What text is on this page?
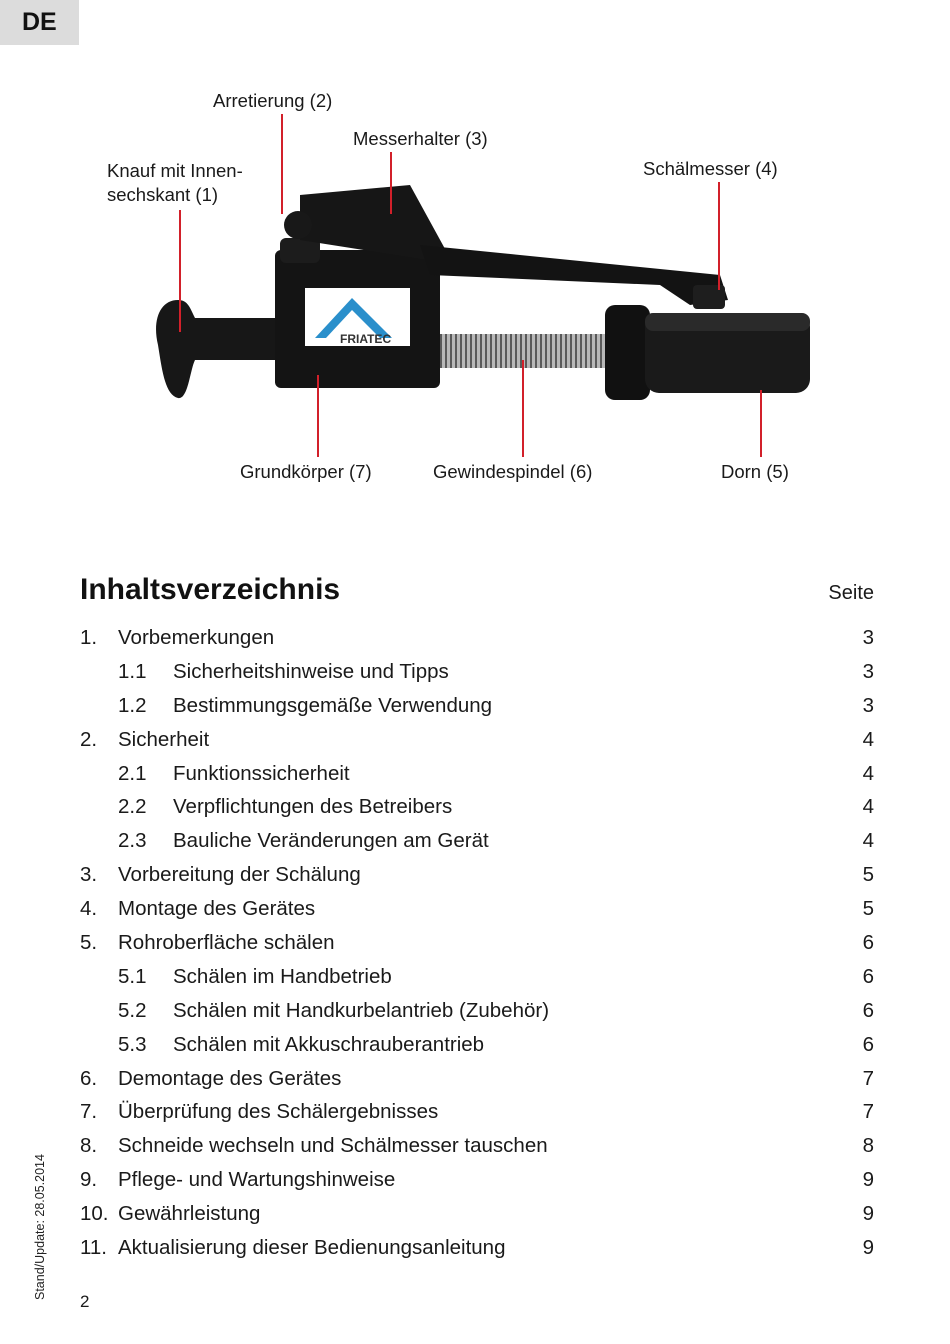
DE
FRIATEC
Arretierung (2)
Messerhalter (3)
Knauf mit Innen-
sechskant (1)
Schälmesser (4)
Grundkörper (7)	Gewindespindel (6)	Dorn (5)
Inhaltsverzeichnis	Seite
1. Vorbemerkungen	3
1.1 Sicherheitshinweise und Tipps	3
1.2 Bestimmungsgemäße Verwendung	3
2. Sicherheit	4
2.1 Funktionssicherheit	4
2.2 Verpflichtungen des Betreibers	4
2.3 Bauliche Veränderungen am Gerät	4
3. Vorbereitung der Schälung	5
4. Montage des Gerätes	5
5. Rohroberfläche schälen	6
5.1 Schälen im Handbetrieb	6
5.2 Schälen mit Handkurbelantrieb (Zubehör)	6
5.3 Schälen mit Akkuschrauberantrieb	6
6. Demontage des Gerätes	7
7. Überprüfung des Schälergebnisses	7
8. Schneide wechseln und Schälmesser tauschen	8
9. Pflege- und Wartungshinweise	9
10. Gewährleistung	9
11. Aktualisierung dieser Bedienungsanleitung	9
Stand/Update: 28.05.2014
2
